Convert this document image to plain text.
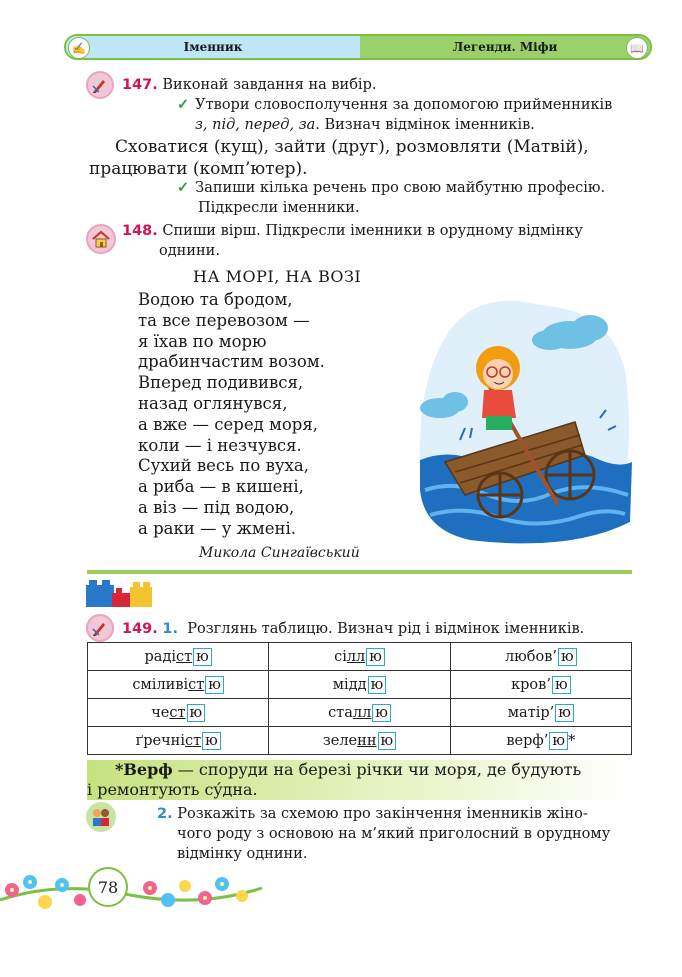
✍	Іменник	Легенди. Міфи	📖
147. Виконай завдання на вибір.
✓ Утвори словосполучення за допомогою прийменників
з, під, перед, за. Визнач відмінок іменників.
Сховатися (кущ), зайти (друг), розмовляти (Матвій),
працювати (комп’ютер).
✓ Запиши кілька речень про свою майбутню професію.
Підкресли іменники.
148. Спиши вірш. Підкресли іменники в орудному відмінку
однини.
НА МОРІ, НА ВОЗІ
Водою та бродом,
та все перевозом —
я їхав по морю
драбинчастим возом.
Вперед подивився,
назад оглянувся,
а вже — серед моря,
коли — і незчувся.
Сухий весь по вуха,
а риба — в кишені,
а віз — під водою,
а раки — у жмені.
Микола Сингаївський
149. 1. Розглянь таблицю. Визнач рід і відмінок іменників.
радіст ю	сілл ю	любов’ ю
сміливіст ю	мідд ю	кров’ ю
чест ю	сталл ю	матір’ ю
ґречніст ю	зеленн ю	верф’ ю *
*Верф — споруди на березі річки чи моря, де будують
і ремонтують сýдна.
2. Розкажіть за схемою про закінчення іменників жіно-
чого роду з основою на м’який приголосний в орудному
відмінку однини.
78
